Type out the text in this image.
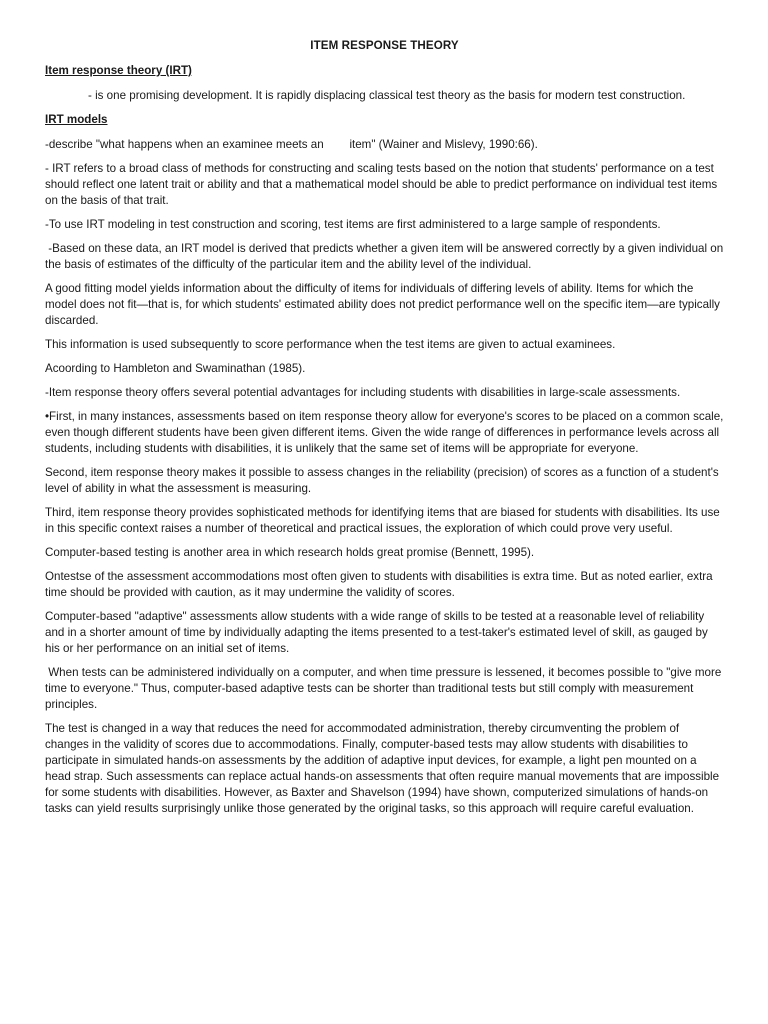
ITEM RESPONSE THEORY
Item response theory (IRT)

- is one promising development. It is rapidly displacing classical test theory as the basis for modern test construction.

IRT models

-describe "what happens when an examinee meets an        item" (Wainer and Mislevy, 1990:66).

- IRT refers to a broad class of methods for constructing and scaling tests based on the notion that students' performance on a test should reflect one latent trait or ability and that a mathematical model should be able to predict performance on individual test items on the basis of that trait.

-To use IRT modeling in test construction and scoring, test items are first administered to a large sample of respondents.

-Based on these data, an IRT model is derived that predicts whether a given item will be answered correctly by a given individual on the basis of estimates of the difficulty of the particular item and the ability level of the individual.

A good fitting model yields information about the difficulty of items for individuals of differing levels of ability. Items for which the model does not fit—that is, for which students' estimated ability does not predict performance well on the specific item—are typically discarded.

This information is used subsequently to score performance when the test items are given to actual examinees.

Acoording to Hambleton and Swaminathan (1985).

-Item response theory offers several potential advantages for including students with disabilities in large-scale assessments.

•First, in many instances, assessments based on item response theory allow for everyone's scores to be placed on a common scale, even though different students have been given different items. Given the wide range of differences in performance levels across all students, including students with disabilities, it is unlikely that the same set of items will be appropriate for everyone.

Second, item response theory makes it possible to assess changes in the reliability (precision) of scores as a function of a student's level of ability in what the assessment is measuring.

Third, item response theory provides sophisticated methods for identifying items that are biased for students with disabilities. Its use in this specific context raises a number of theoretical and practical issues, the exploration of which could prove very useful.

Computer-based testing is another area in which research holds great promise (Bennett, 1995).

Ontestse of the assessment accommodations most often given to students with disabilities is extra time. But as noted earlier, extra time should be provided with caution, as it may undermine the validity of scores.

Computer-based "adaptive" assessments allow students with a wide range of skills to be tested at a reasonable level of reliability and in a shorter amount of time by individually adapting the items presented to a test-taker's estimated level of skill, as gauged by his or her performance on an initial set of items.

When tests can be administered individually on a computer, and when time pressure is lessened, it becomes possible to "give more time to everyone." Thus, computer-based adaptive tests can be shorter than traditional tests but still comply with measurement principles.

The test is changed in a way that reduces the need for accommodated administration, thereby circumventing the problem of changes in the validity of scores due to accommodations. Finally, computer-based tests may allow students with disabilities to participate in simulated hands-on assessments by the addition of adaptive input devices, for example, a light pen mounted on a head strap. Such assessments can replace actual hands-on assessments that often require manual movements that are impossible for some students with disabilities. However, as Baxter and Shavelson (1994) have shown, computerized simulations of hands-on tasks can yield results surprisingly unlike those generated by the original tasks, so this approach will require careful evaluation.
